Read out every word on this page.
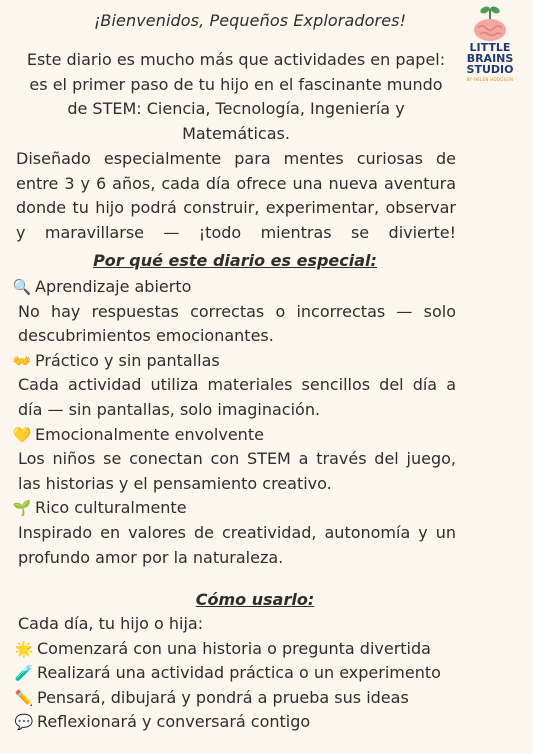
¡Bienvenidos, Pequeños Exploradores!
LITTLE
BRAINS
STUDIO
BY HELEN HODGSON
Este diario es mucho más que actividades en papel: es el primer paso de tu hijo en el fascinante mundo de STEM: Ciencia, Tecnología, Ingeniería y Matemáticas.
Diseñado especialmente para mentes curiosas de entre 3 y 6 años, cada día ofrece una nueva aventura donde tu hijo podrá construir, experimentar, observar y maravillarse — ¡todo mientras se divierte!
Por qué este diario es especial:
🔍 Aprendizaje abierto
No hay respuestas correctas o incorrectas — solo descubrimientos emocionantes.
👐 Práctico y sin pantallas
Cada actividad utiliza materiales sencillos del día a día — sin pantallas, solo imaginación.
💛 Emocionalmente envolvente
Los niños se conectan con STEM a través del juego, las historias y el pensamiento creativo.
🌱 Rico culturalmente
Inspirado en valores de creatividad, autonomía y un profundo amor por la naturaleza.
Cómo usarlo:
Cada día, tu hijo o hija:
🌟 Comenzará con una historia o pregunta divertida
🧪 Realizará una actividad práctica o un experimento
✏️ Pensará, dibujará y pondrá a prueba sus ideas
💬 Reflexionará y conversará contigo
